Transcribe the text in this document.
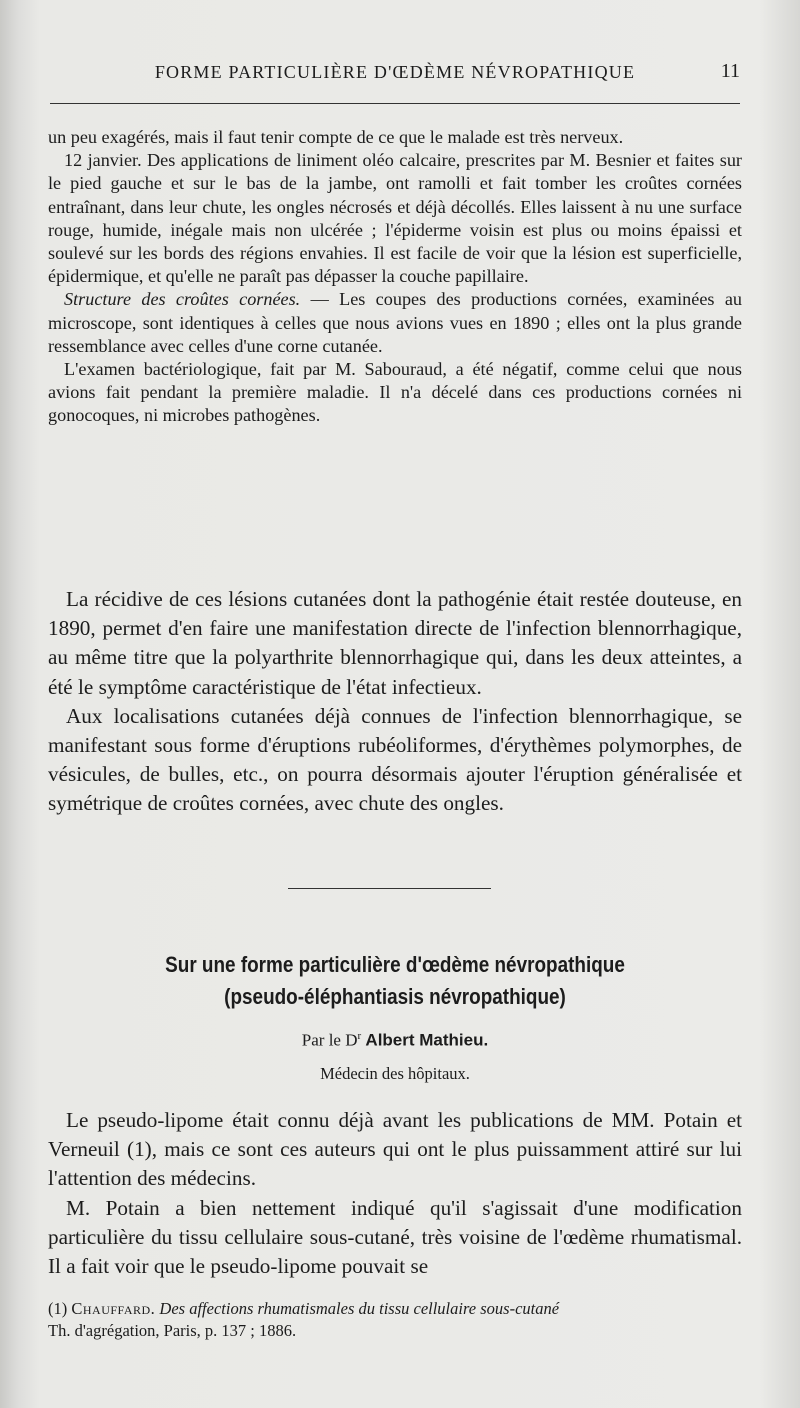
FORME PARTICULIÈRE D'ŒDÈME NÉVROPATHIQUE	11

un peu exagérés, mais il faut tenir compte de ce que le malade est très nerveux.

12 janvier. Des applications de liniment oléo calcaire, prescrites par M. Besnier et faites sur le pied gauche et sur le bas de la jambe, ont ramolli et fait tomber les croûtes cornées entraînant, dans leur chute, les ongles nécrosés et déjà décollés. Elles laissent à nu une surface rouge, humide, inégale mais non ulcérée ; l'épiderme voisin est plus ou moins épaissi et soulevé sur les bords des régions envahies. Il est facile de voir que la lésion est superficielle, épidermique, et qu'elle ne paraît pas dépasser la couche papillaire.

Structure des croûtes cornées. — Les coupes des productions cornées, examinées au microscope, sont identiques à celles que nous avions vues en 1890 ; elles ont la plus grande ressemblance avec celles d'une corne cutanée.

L'examen bactériologique, fait par M. Sabouraud, a été négatif, comme celui que nous avions fait pendant la première maladie. Il n'a décelé dans ces productions cornées ni gonocoques, ni microbes pathogènes.

La récidive de ces lésions cutanées dont la pathogénie était restée douteuse, en 1890, permet d'en faire une manifestation directe de l'infection blennorrhagique, au même titre que la polyarthrite blennorrhagique qui, dans les deux atteintes, a été le symptôme caractéristique de l'état infectieux.

Aux localisations cutanées déjà connues de l'infection blennorrhagique, se manifestant sous forme d'éruptions rubéoliformes, d'érythèmes polymorphes, de vésicules, de bulles, etc., on pourra désormais ajouter l'éruption généralisée et symétrique de croûtes cornées, avec chute des ongles.

Sur une forme particulière d'œdème névropathique
(pseudo-éléphantiasis névropathique)
Par le $D^r$ Albert Mathieu.
Médecin des hôpitaux.

Le pseudo-lipome était connu déjà avant les publications de MM. Potain et Verneuil (1), mais ce sont ces auteurs qui ont le plus puissamment attiré sur lui l'attention des médecins.

M. Potain a bien nettement indiqué qu'il s'agissait d'une modification particulière du tissu cellulaire sous-cutané, très voisine de l'œdème rhumatismal. Il a fait voir que le pseudo-lipome pouvait se

(1) Chauffard. Des affections rhumatismales du tissu cellulaire sous-cutané
Th. d'agrégation, Paris, p. 137 ; 1886.
